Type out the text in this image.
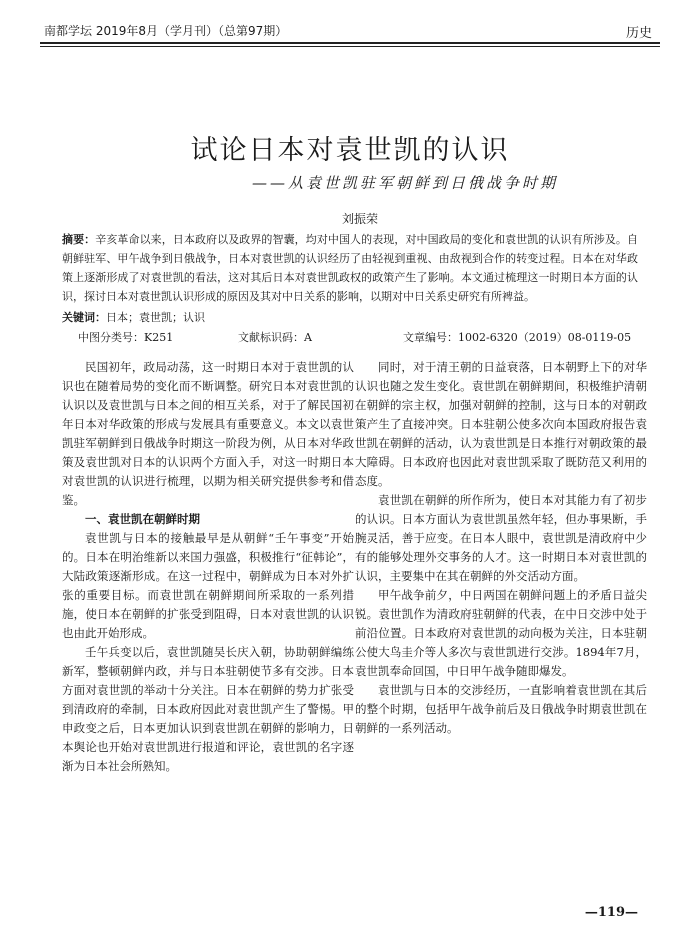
南都学坛 2019年8月（学月刊）（总第97期）	历史
试论日本对袁世凯的认识
——从袁世凯驻军朝鲜到日俄战争时期
刘振荣
摘要：辛亥革命以来，日本政府以及政界的智囊，均对中国人的表现，对中国政局的变化和袁世凯的认识有所涉及。自朝鲜驻军、甲午战争到日俄战争，日本对袁世凯的认识经历了由轻视到重视、由敌视到合作的转变过程。日本在对华政策上逐渐形成了对袁世凯的看法，这对其后日本对袁世凯政权的政策产生了影响。本文通过梳理这一时期日本方面的认识，探讨日本对袁世凯认识形成的原因及其对中日关系的影响，以期对中日关系史研究有所裨益。
关键词：日本；袁世凯；认识
中图分类号：K251	文献标识码：A	文章编号：1002-6320（2019）08-0119-05

民国初年，政局动荡，这一时期日本对于袁世凯的认识也在随着局势的变化而不断调整。研究日本对袁世凯的认识以及袁世凯与日本之间的相互关系，对于了解民国初年日本对华政策的形成与发展具有重要意义。本文以袁世凯驻军朝鲜到日俄战争时期这一阶段为例，从日本对华政策及袁世凯对日本的认识两个方面入手，对这一时期日本对袁世凯的认识进行梳理，以期为相关研究提供参考和借鉴。

一、袁世凯在朝鲜时期

袁世凯与日本的接触最早是从朝鲜“壬午事变”开始的。日本在明治维新以来国力强盛，积极推行“征韩论”，大陆政策逐渐形成。在这一过程中，朝鲜成为日本对外扩张的重要目标。而袁世凯在朝鲜期间所采取的一系列措施，使日本在朝鲜的扩张受到阻碍，日本对袁世凯的认识也由此开始形成。

壬午兵变以后，袁世凯随吴长庆入朝，协助朝鲜编练新军，整顿朝鲜内政，并与日本驻朝使节多有交涉。日本方面对袁世凯的举动十分关注。日本在朝鲜的势力扩张受到清政府的牵制，日本政府因此对袁世凯产生了警惕。甲申政变之后，日本更加认识到袁世凯在朝鲜的影响力，日本舆论也开始对袁世凯进行报道和评论，袁世凯的名字逐渐为日本社会所熟知。

同时，对于清王朝的日益衰落，日本朝野上下的对华认识也随之发生变化。袁世凯在朝鲜期间，积极维护清朝在朝鲜的宗主权，加强对朝鲜的控制，这与日本的对朝政策产生了直接冲突。日本驻朝公使多次向本国政府报告袁世凯在朝鲜的活动，认为袁世凯是日本推行对朝政策的最大障碍。日本政府也因此对袁世凯采取了既防范又利用的态度。

袁世凯在朝鲜的所作所为，使日本对其能力有了初步的认识。日本方面认为袁世凯虽然年轻，但办事果断，手腕灵活，善于应变。在日本人眼中，袁世凯是清政府中少有的能够处理外交事务的人才。这一时期日本对袁世凯的认识，主要集中在其在朝鲜的外交活动方面。

甲午战争前夕，中日两国在朝鲜问题上的矛盾日益尖锐。袁世凯作为清政府驻朝鲜的代表，在中日交涉中处于前沿位置。日本政府对袁世凯的动向极为关注，日本驻朝公使大鸟圭介等人多次与袁世凯进行交涉。1894年7月，袁世凯奉命回国，中日甲午战争随即爆发。

袁世凯与日本的交涉经历，一直影响着袁世凯在其后的整个时期，包括甲午战争前后及日俄战争时期袁世凯在朝鲜的一系列活动。

—119—
